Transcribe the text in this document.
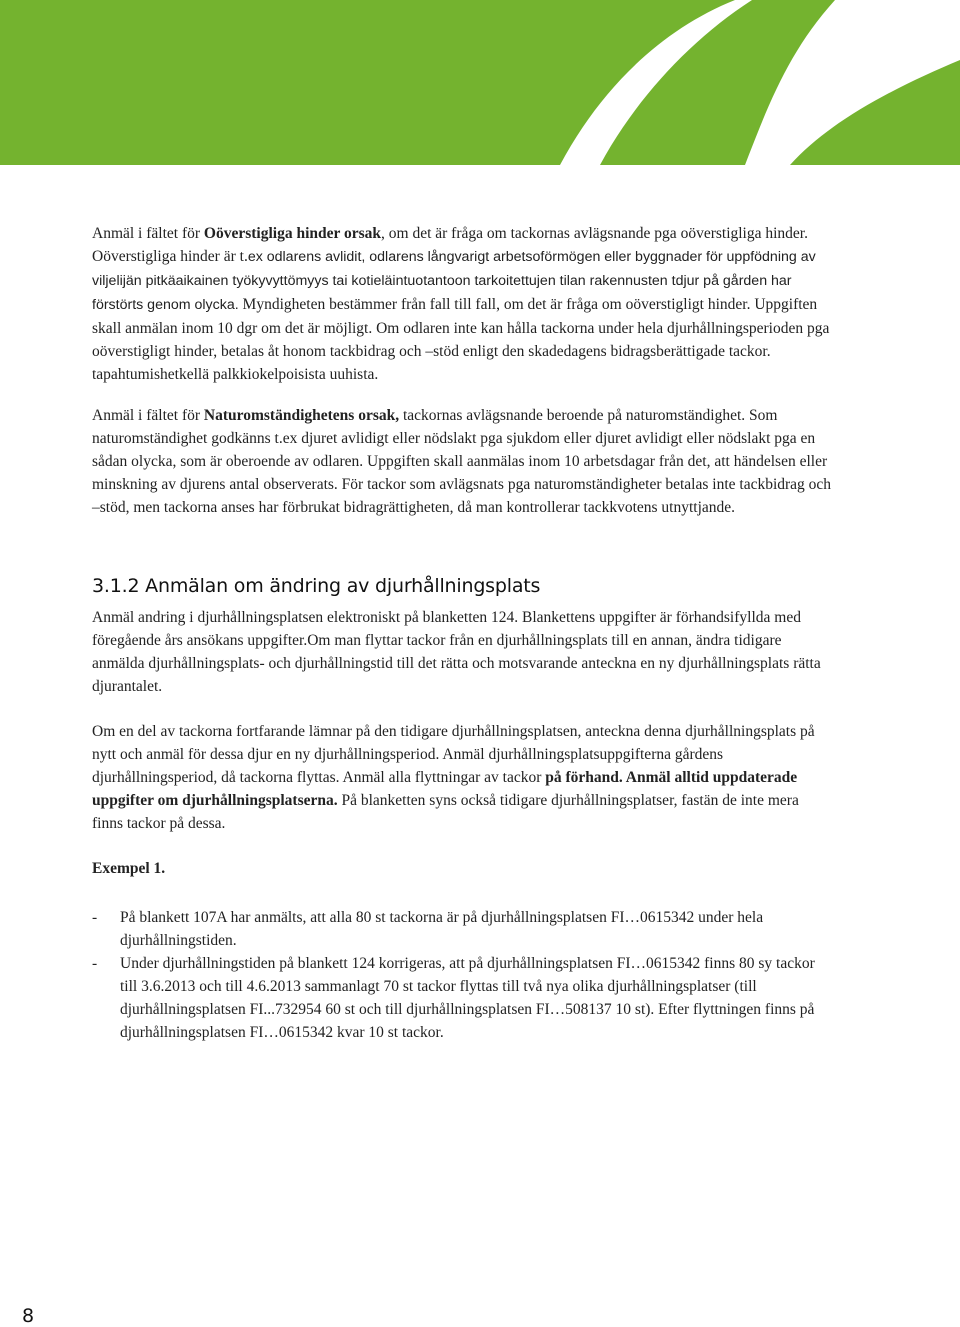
Anmäl i fältet för Oöverstigliga hinder orsak, om det är fråga om tackornas avlägsnande pga oöverstigliga hinder. Oöverstigliga hinder är t.ex odlarens avlidit, odlarens långvarigt arbetsoförmögen eller byggnader för uppfödning av viljelijän pitkäaikainen työkyvyttömyys tai kotieläintuotantoon tarkoitettujen tilan rakennusten tdjur på gården har förstörts genom olycka. Myndigheten bestämmer från fall till fall, om det är fråga om oöverstigligt hinder. Uppgiften skall anmälan inom 10 dgr om det är möjligt. Om odlaren inte kan hålla tackorna under hela djurhållningsperioden pga oöverstigligt hinder, betalas åt honom tackbidrag och –stöd enligt den skadedagens bidragsberättigade tackor. tapahtumishetkellä palkkiokelpoisista uuhista.

Anmäl i fältet för Naturomständighetens orsak, tackornas avlägsnande beroende på naturomständighet. Som naturomständighet godkänns t.ex djuret avlidigt eller nödslakt pga sjukdom eller djuret avlidigt eller nödslakt pga en sådan olycka, som är oberoende av odlaren. Uppgiften skall aanmälas inom 10 arbetsdagar från det, att händelsen eller minskning av djurens antal observerats. För tackor som avlägsnats pga naturomständigheter betalas inte tackbidrag och –stöd, men tackorna anses har förbrukat bidragrättigheten, då man kontrollerar tackkvotens utnyttjande.

3.1.2 Anmälan om ändring av djurhållningsplats

Anmäl andring i djurhållningsplatsen elektroniskt på blanketten 124. Blankettens uppgifter är förhandsifyllda med föregående års ansökans uppgifter.Om man flyttar tackor från en djurhållningsplats till en annan, ändra tidigare anmälda djurhållningsplats- och djurhållningstid till det rätta och motsvarande anteckna en ny djurhållningsplats rätta djurantalet.

Om en del av tackorna fortfarande lämnar på den tidigare djurhållningsplatsen, anteckna denna djurhållningsplats på nytt och anmäl för dessa djur en ny djurhållningsperiod. Anmäl djurhållningsplatsuppgifterna gårdens djurhållningsperiod, då tackorna flyttas. Anmäl alla flyttningar av tackor på förhand. Anmäl alltid uppdaterade uppgifter om djurhållningsplatserna. På blanketten syns också tidigare djurhållningsplatser, fastän de inte mera finns tackor på dessa.

Exempel 1.

- På blankett 107A har anmälts, att alla 80 st tackorna är på djurhållningsplatsen FI…0615342 under hela djurhållningstiden.
- Under djurhållningstiden på blankett 124 korrigeras, att på djurhållningsplatsen FI…0615342 finns 80 sy tackor till 3.6.2013 och till 4.6.2013 sammanlagt 70 st tackor flyttas till två nya olika djurhållningsplatser (till djurhållningsplatsen FI...732954 60 st och till djurhållningsplatsen FI…508137 10 st). Efter flyttningen finns på djurhållningsplatsen FI…0615342 kvar 10 st tackor.
8
